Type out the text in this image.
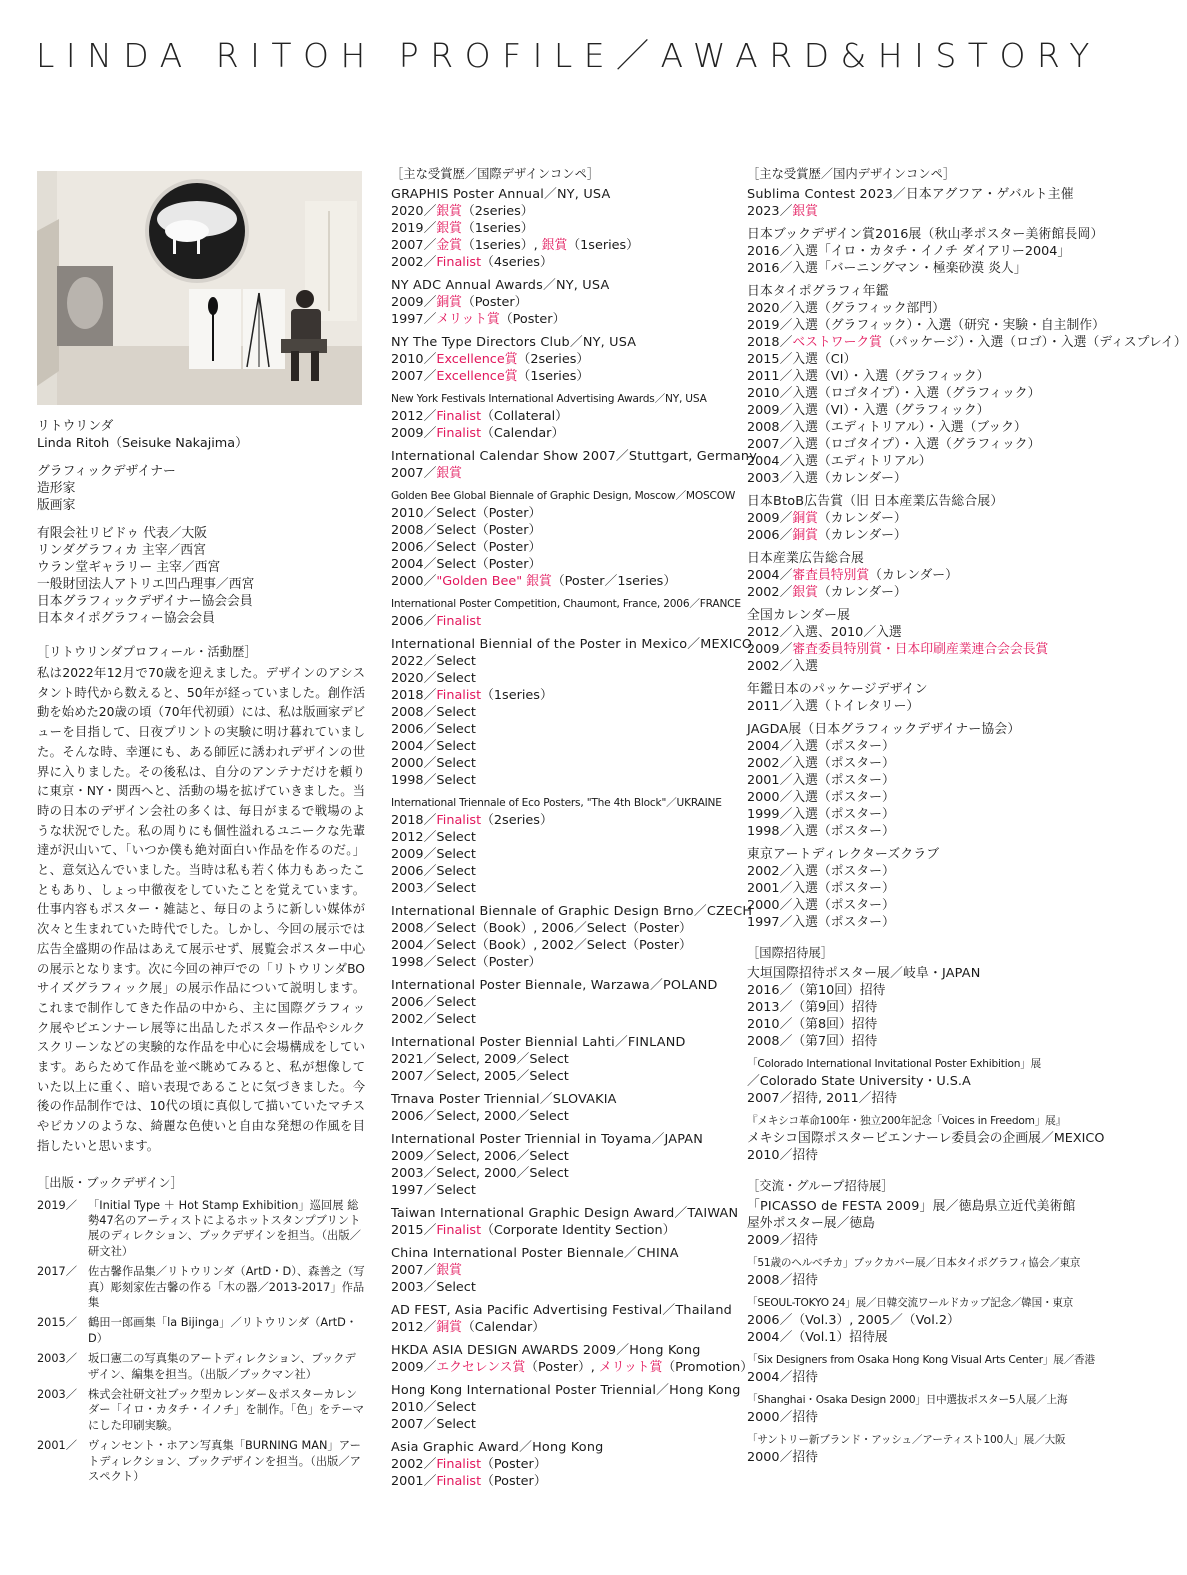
LINDA RITOH PROFILE／AWARD&HISTORY
リトウリンダ
Linda Ritoh（Seisuke Nakajima）
グラフィックデザイナー
造形家
版画家
有限会社リビドゥ 代表／大阪
リンダグラフィカ 主宰／西宮
ウラン堂ギャラリー 主宰／西宮
一般財団法人アトリエ凹凸理事／西宮
日本グラフィックデザイナー協会会員
日本タイポグラフィー協会会員
［リトウリンダプロフィール・活動歴］
私は2022年12月で70歳を迎えました。デザインのアシスタント時代から数えると、50年が経っていました。創作活動を始めた20歳の頃（70年代初頭）には、私は版画家デビューを目指して、日夜プリントの実験に明け暮れていました。そんな時、幸運にも、ある師匠に誘われデザインの世界に入りました。その後私は、自分のアンテナだけを頼りに東京・NY・関西へと、活動の場を拡げていきました。当時の日本のデザイン会社の多くは、毎日がまるで戦場のような状況でした。私の周りにも個性溢れるユニークな先輩達が沢山いて、「いつか僕も絶対面白い作品を作るのだ。」と、意気込んでいました。当時は私も若く体力もあったこともあり、しょっ中徹夜をしていたことを覚えています。仕事内容もポスター・雑誌と、毎日のように新しい媒体が次々と生まれていた時代でした。しかし、今回の展示では広告全盛期の作品はあえて展示せず、展覧会ポスター中心の展示となります。次に今回の神戸での「リトウリンダBOサイズグラフィック展」の展示作品について説明します。これまで制作してきた作品の中から、主に国際グラフィック展やビエンナーレ展等に出品したポスター作品やシルクスクリーンなどの実験的な作品を中心に会場構成をしています。あらためて作品を並べ眺めてみると、私が想像していた以上に重く、暗い表現であることに気づきました。今後の作品制作では、10代の頃に真似して描いていたマチスやピカソのような、綺麗な色使いと自由な発想の作風を目指したいと思います。
［出版・ブックデザイン］
2019／ 「Initial Type ＋ Hot Stamp Exhibition」巡回展 総勢47名のアーティストによるホットスタンプブリント展のディレクション、ブックデザインを担当。（出版／研文社）
2017／ 佐古馨作品集／リトウリンダ（ArtD・D）、森善之（写真）彫刻家佐古馨の作る「木の器／2013-2017」作品集
2015／ 鶴田一郎画集「la Bijinga」／リトウリンダ（ArtD・D）
2003／ 坂口憲二の写真集のアートディレクション、ブックデザイン、編集を担当。（出版／ブックマン社）
2003／ 株式会社研文社ブック型カレンダー＆ポスターカレンダー「イロ・カタチ・イノチ」を制作。「色」をテーマにした印刷実験。
2001／ ヴィンセント・ホアン写真集「BURNING MAN」アートディレクション、ブックデザインを担当。（出版／アスペクト）
［主な受賞歴／国際デザインコンペ］
GRAPHIS Poster Annual／NY, USA
2020／銀賞（2series）
2019／銀賞（1series）
2007／金賞（1series）, 銀賞（1series）
2002／Finalist（4series）
NY ADC Annual Awards／NY, USA
2009／銅賞（Poster）
1997／メリット賞（Poster）
NY The Type Directors Club／NY, USA
2010／Excellence賞（2series）
2007／Excellence賞（1series）
New York Festivals International Advertising Awards／NY, USA
2012／Finalist（Collateral）
2009／Finalist（Calendar）
International Calendar Show 2007／Stuttgart, Germany
2007／銀賞
Golden Bee Global Biennale of Graphic Design, Moscow／MOSCOW
2010／Select（Poster）
2008／Select（Poster）
2006／Select（Poster）
2004／Select（Poster）
2000／"Golden Bee" 銀賞（Poster／1series）
International Poster Competition, Chaumont, France, 2006／FRANCE
2006／Finalist
International Biennial of the Poster in Mexico／MEXICO
2022／Select
2020／Select
2018／Finalist（1series）
2008／Select
2006／Select
2004／Select
2000／Select
1998／Select
International Triennale of Eco Posters, "The 4th Block"／UKRAINE
2018／Finalist（2series）
2012／Select
2009／Select
2006／Select
2003／Select
International Biennale of Graphic Design Brno／CZECH
2008／Select（Book）, 2006／Select（Poster）
2004／Select（Book）, 2002／Select（Poster）
1998／Select（Poster）
International Poster Biennale, Warzawa／POLAND
2006／Select
2002／Select
International Poster Biennial Lahti／FINLAND
2021／Select, 2009／Select
2007／Select, 2005／Select
Trnava Poster Triennial／SLOVAKIA
2006／Select, 2000／Select
International Poster Triennial in Toyama／JAPAN
2009／Select, 2006／Select
2003／Select, 2000／Select
1997／Select
Taiwan International Graphic Design Award／TAIWAN
2015／Finalist（Corporate Identity Section）
China International Poster Biennale／CHINA
2007／銀賞
2003／Select
AD FEST, Asia Pacific Advertising Festival／Thailand
2012／銅賞（Calendar）
HKDA ASIA DESIGN AWARDS 2009／Hong Kong
2009／エクセレンス賞（Poster）, メリット賞（Promotion）
Hong Kong International Poster Triennial／Hong Kong
2010／Select
2007／Select
Asia Graphic Award／Hong Kong
2002／Finalist（Poster）
2001／Finalist（Poster）
［主な受賞歴／国内デザインコンペ］
Sublima Contest 2023／日本アグフア・ゲバルト主催
2023／銀賞
日本ブックデザイン賞2016展（秋山孝ポスター美術館長岡）
2016／入選「イロ・カタチ・イノチ ダイアリー2004」
2016／入選「バーニングマン・極楽砂漠 炎人」
日本タイポグラフィ年鑑
2020／入選（グラフィック部門）
2019／入選（グラフィック）・入選（研究・実験・自主制作）
2018／ベストワーク賞（パッケージ）・入選（ロゴ）・入選（ディスプレイ）
2015／入選（CI）
2011／入選（VI）・入選（グラフィック）
2010／入選（ロゴタイプ）・入選（グラフィック）
2009／入選（VI）・入選（グラフィック）
2008／入選（エディトリアル）・入選（ブック）
2007／入選（ロゴタイプ）・入選（グラフィック）
2004／入選（エディトリアル）
2003／入選（カレンダー）
日本BtoB広告賞（旧 日本産業広告総合展）
2009／銅賞（カレンダー）
2006／銅賞（カレンダー）
日本産業広告総合展
2004／審査員特別賞（カレンダー）
2002／銀賞（カレンダー）
全国カレンダー展
2012／入選、2010／入選
2009／審査委員特別賞・日本印刷産業連合会会長賞
2002／入選
年鑑日本のパッケージデザイン
2011／入選（トイレタリー）
JAGDA展（日本グラフィックデザイナー協会）
2004／入選（ポスター）
2002／入選（ポスター）
2001／入選（ポスター）
2000／入選（ポスター）
1999／入選（ポスター）
1998／入選（ポスター）
東京アートディレクターズクラブ
2002／入選（ポスター）
2001／入選（ポスター）
2000／入選（ポスター）
1997／入選（ポスター）
［国際招待展］
大垣国際招待ポスター展／岐阜・JAPAN
2016／（第10回）招待
2013／（第9回）招待
2010／（第8回）招待
2008／（第7回）招待
「Colorado International Invitational Poster Exhibition」展
／Colorado State University・U.S.A
2007／招待, 2011／招待
『メキシコ革命100年・独立200年記念「Voices in Freedom」展』
メキシコ国際ポスタービエンナーレ委員会の企画展／MEXICO
2010／招待
［交流・グループ招待展］
「PICASSO de FESTA 2009」展／徳島県立近代美術館
屋外ポスター展／徳島
2009／招待
「51歳のヘルベチカ」ブックカバー展／日本タイポグラフィ協会／東京
2008／招待
「SEOUL-TOKYO 24」展／日韓交流ワールドカップ記念／韓国・東京
2006／（Vol.3）, 2005／（Vol.2）
2004／（Vol.1）招待展
「Six Designers from Osaka Hong Kong Visual Arts Center」展／香港
2004／招待
「Shanghai・Osaka Design 2000」日中選抜ポスター5人展／上海
2000／招待
「サントリー新ブランド・アッシュ／アーティスト100人」展／大阪
2000／招待
